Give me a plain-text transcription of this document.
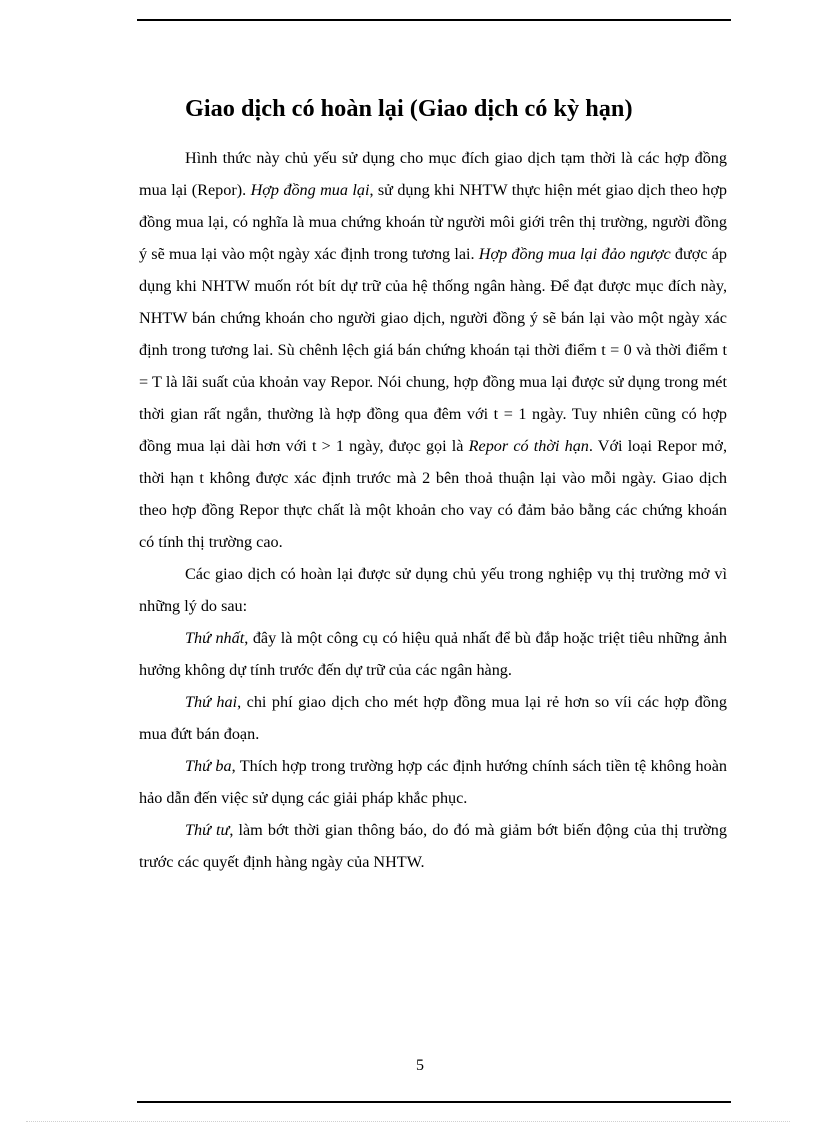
Giao dịch có hoàn lại (Giao dịch có kỳ hạn)

Hình thức này chủ yếu sử dụng cho mục đích giao dịch tạm thời là các hợp đồng mua lại (Repor). Hợp đồng mua lại, sử dụng khi NHTW thực hiện mét giao dịch theo hợp đồng mua lại, có nghĩa là mua chứng khoán từ người môi giới trên thị trường, người đồng ý sẽ mua lại vào một ngày xác định trong tương lai. Hợp đồng mua lại đảo ngược được áp dụng khi NHTW muốn rót bít dự trữ của hệ thống ngân hàng. Để đạt được mục đích này, NHTW bán chứng khoán cho người giao dịch, người đồng ý sẽ bán lại vào một ngày xác định trong tương lai. Sù chênh lệch giá bán chứng khoán tại thời điểm t = 0 và thời điểm t = T là lãi suất của khoản vay Repor. Nói chung, hợp đồng mua lại được sử dụng trong mét thời gian rất ngắn, thường là hợp đồng qua đêm với t = 1 ngày. Tuy nhiên cũng có hợp đồng mua lại dài hơn với t > 1 ngày, đưọc gọi là Repor có thời hạn. Với loại Repor mở, thời hạn t không được xác định trước mà 2 bên thoả thuận lại vào mỗi ngày. Giao dịch theo hợp đồng Repor thực chất là một khoản cho vay có đảm bảo bằng các chứng khoán có tính thị trường cao.

Các giao dịch có hoàn lại được sử dụng chủ yếu trong nghiệp vụ thị trường mở vì những lý do sau:

Thứ nhất, đây là một công cụ có hiệu quả nhất để bù đắp hoặc triệt tiêu những ảnh hưởng không dự tính trước đến dự trữ của các ngân hàng.

Thứ hai, chi phí giao dịch cho mét hợp đồng mua lại rẻ hơn so víi các hợp đồng mua đứt bán đoạn.

Thứ ba, Thích hợp trong trường hợp các định hướng chính sách tiền tệ không hoàn hảo dẫn đến việc sử dụng các giải pháp khắc phục.

Thứ tư, làm bớt thời gian thông báo, do đó mà giảm bớt biến động của thị trường trước các quyết định hàng ngày của NHTW.

5
